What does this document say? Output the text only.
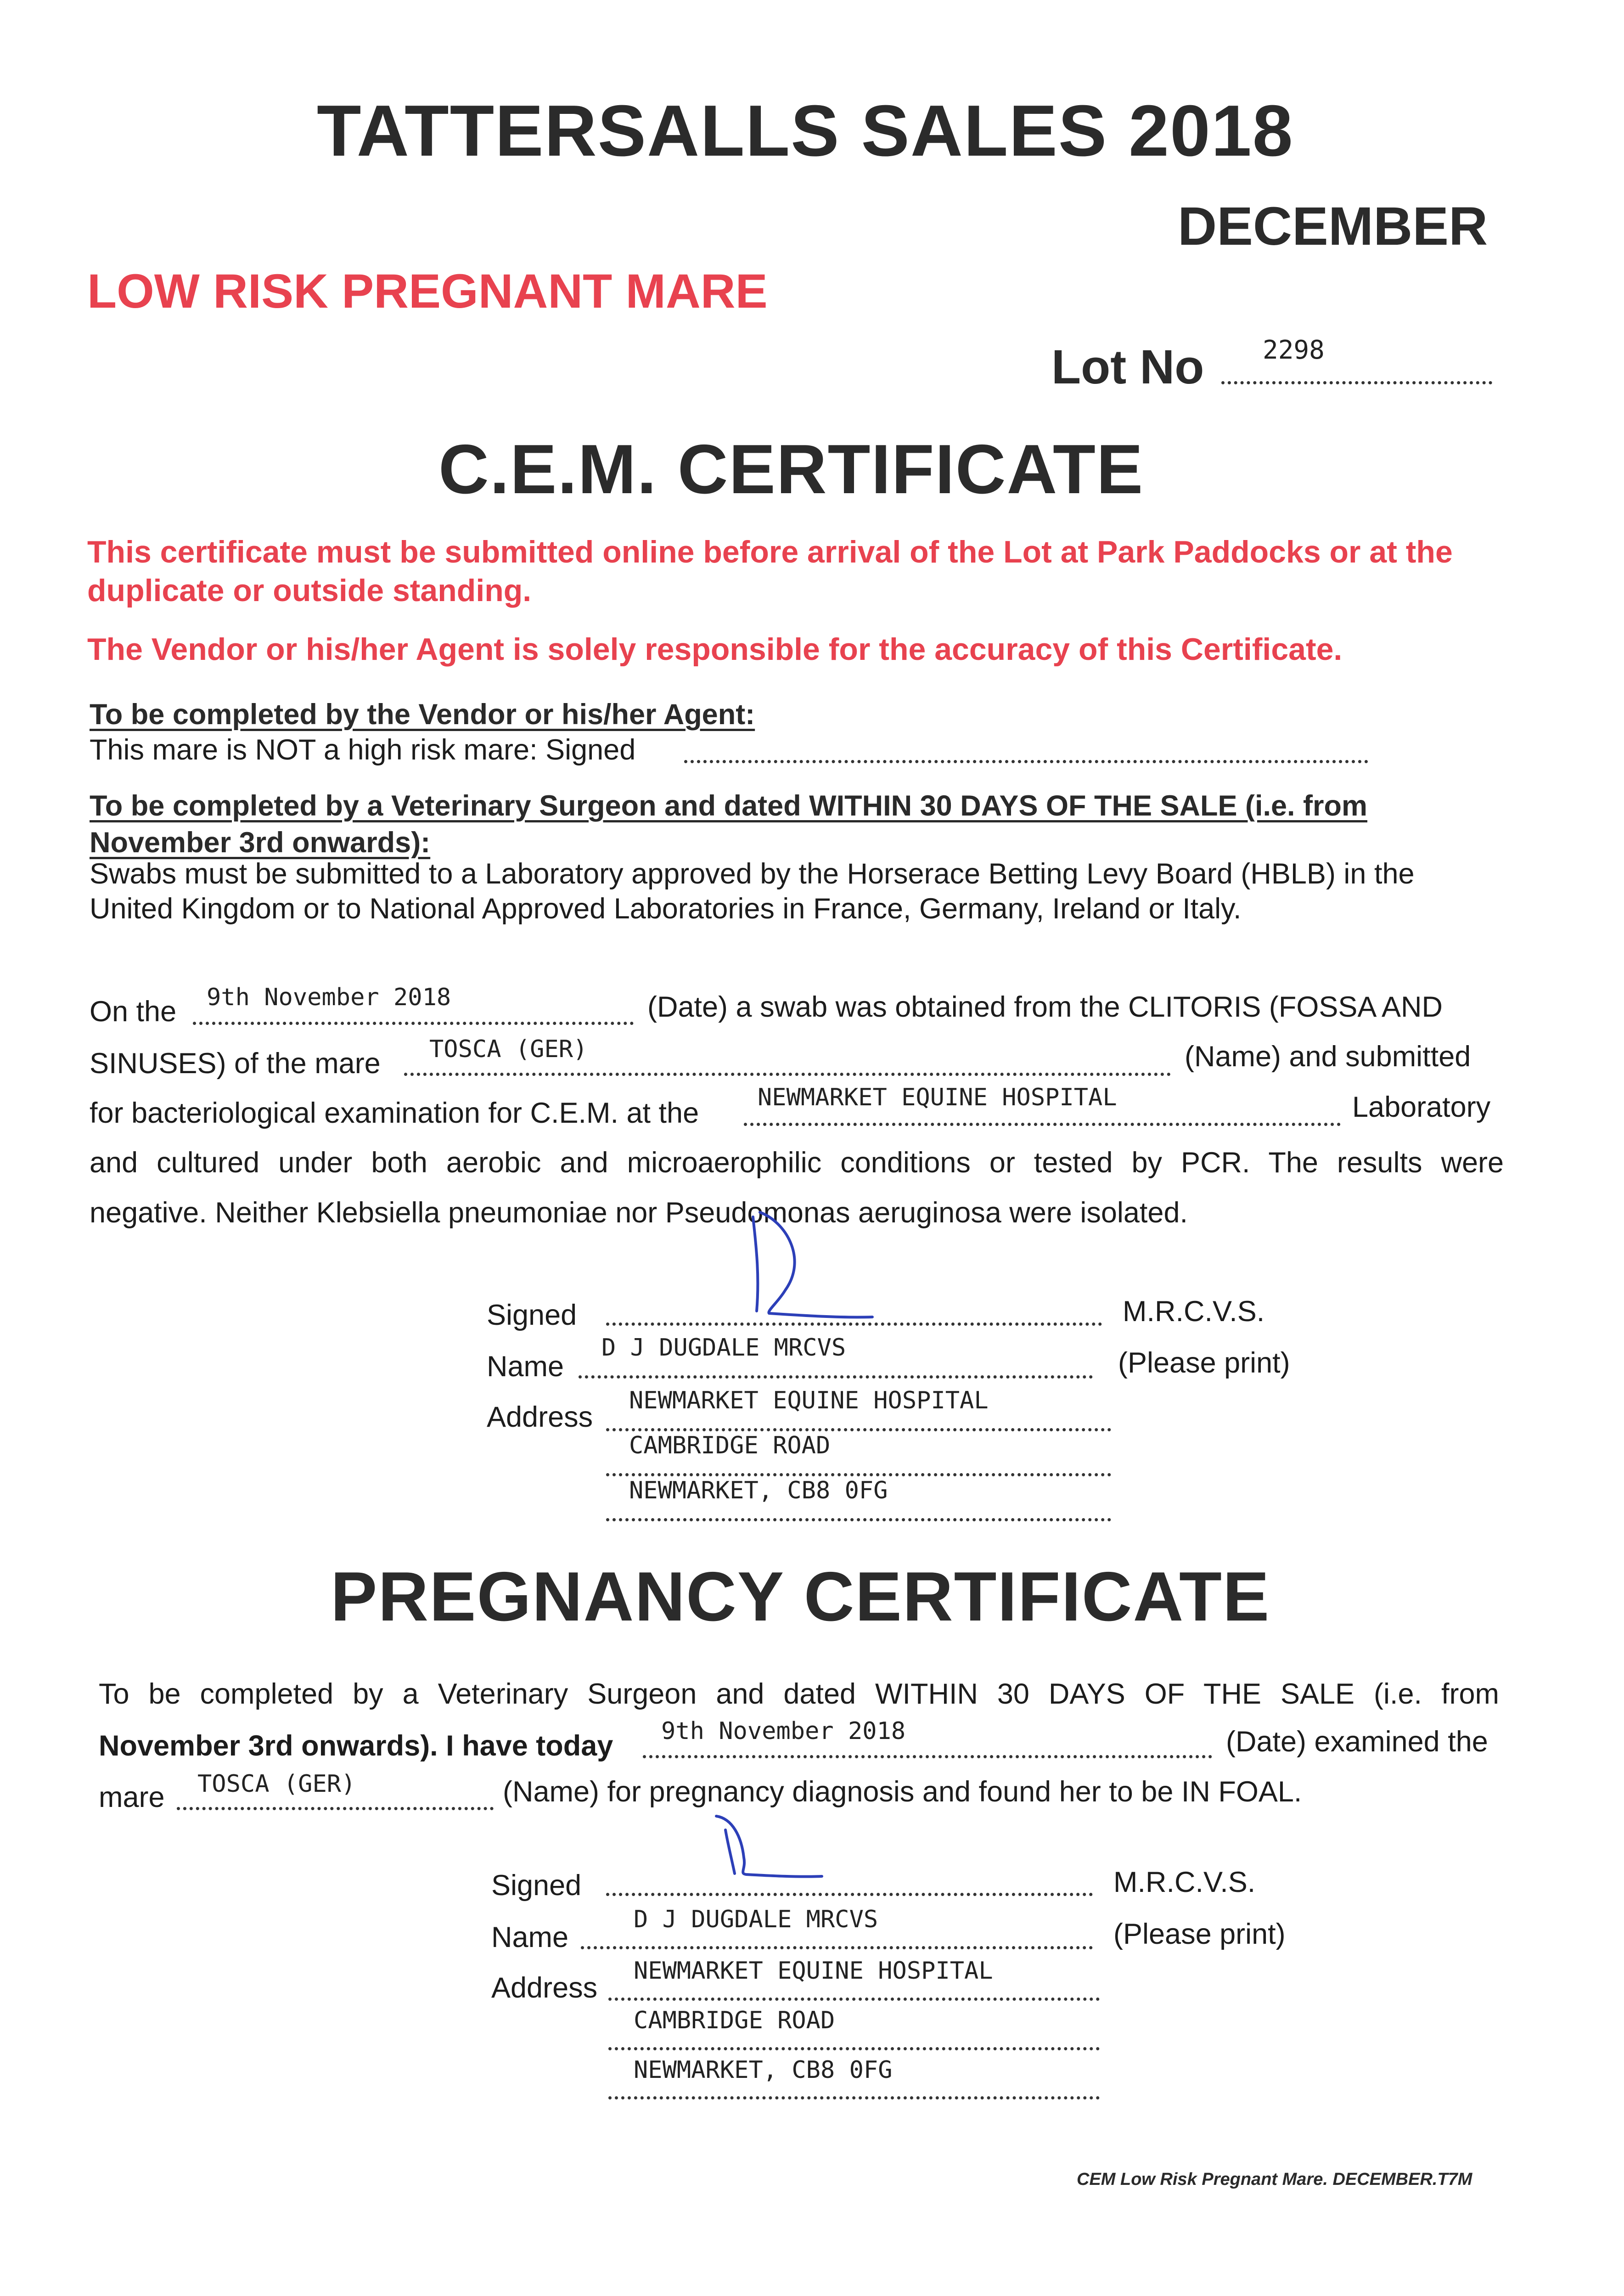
TATTERSALLS SALES 2018
DECEMBER
LOW RISK PREGNANT MARE
Lot No 2298
C.E.M. CERTIFICATE
This certificate must be submitted online before arrival of the Lot at Park Paddocks or at the duplicate or outside standing.
The Vendor or his/her Agent is solely responsible for the accuracy of this Certificate.
To be completed by the Vendor or his/her Agent:
This mare is NOT a high risk mare: Signed
To be completed by a Veterinary Surgeon and dated WITHIN 30 DAYS OF THE SALE (i.e. from November 3rd onwards):
Swabs must be submitted to a Laboratory approved by the Horserace Betting Levy Board (HBLB) in the United Kingdom or to National Approved Laboratories in France, Germany, Ireland or Italy.
On the 9th November 2018	(Date) a swab was obtained from the CLITORIS (FOSSA AND
SINUSES) of the mare TOSCA (GER)	(Name) and submitted
for bacteriological examination for C.E.M. at the NEWMARKET EQUINE HOSPITAL	Laboratory
and cultured under both aerobic and microaerophilic conditions or tested by PCR. The results were
negative. Neither Klebsiella pneumoniae nor Pseudomonas aeruginosa were isolated.
Signed	M.R.C.V.S.
Name
D J DUGDALE MRCVS	(Please print)
Address
NEWMARKET EQUINE HOSPITAL
CAMBRIDGE ROAD
NEWMARKET, CB8 0FG
PREGNANCY CERTIFICATE
To be completed by a Veterinary Surgeon and dated WITHIN 30 DAYS OF THE SALE (i.e. from
November 3rd onwards). I have today 9th November 2018	(Date) examined the
mare TOSCA (GER)	(Name) for pregnancy diagnosis and found her to be IN FOAL.
Signed	M.R.C.V.S.
Name
D J DUGDALE MRCVS	(Please print)
Address
NEWMARKET EQUINE HOSPITAL
CAMBRIDGE ROAD
NEWMARKET, CB8 0FG
CEM Low Risk Pregnant Mare. DECEMBER.T7M
